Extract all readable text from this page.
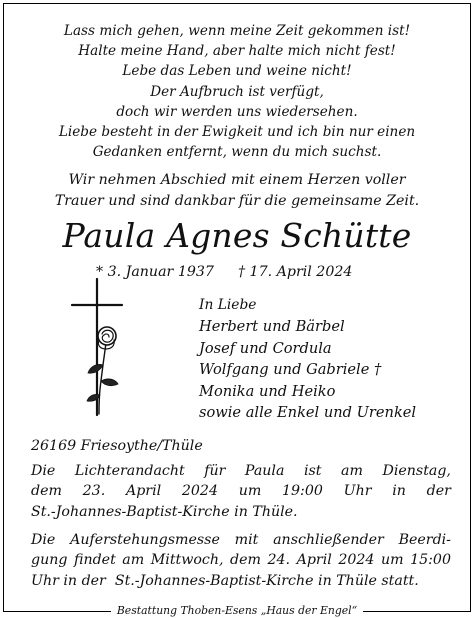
Lass mich gehen, wenn meine Zeit gekommen ist!
Halte meine Hand, aber halte mich nicht fest!
Lebe das Leben und weine nicht!
Der Aufbruch ist verfügt,
doch wir werden uns wiedersehen.
Liebe besteht in der Ewigkeit und ich bin nur einen
Gedanken entfernt, wenn du mich suchst.
Wir nehmen Abschied mit einem Herzen voller
Trauer und sind dankbar für die gemeinsame Zeit.
Paula Agnes Schütte
* 3. Januar 1937 † 17. April 2024
In Liebe
Herbert und Bärbel
Josef und Cordula
Wolfgang und Gabriele †
Monika und Heiko
sowie alle Enkel und Urenkel
26169 Friesoythe/Thüle
Die Lichterandacht für Paula ist am Dienstag,
dem 23. April 2024 um 19:00 Uhr in der
St.-Johannes-Baptist-Kirche in Thüle.
Die Auferstehungsmesse mit anschließender Beerdi-
gung findet am Mittwoch, dem 24. April 2024 um 15:00
Uhr in der  St.-Johannes-Baptist-Kirche in Thüle statt.
Bestattung Thoben-Esens „Haus der Engel“
